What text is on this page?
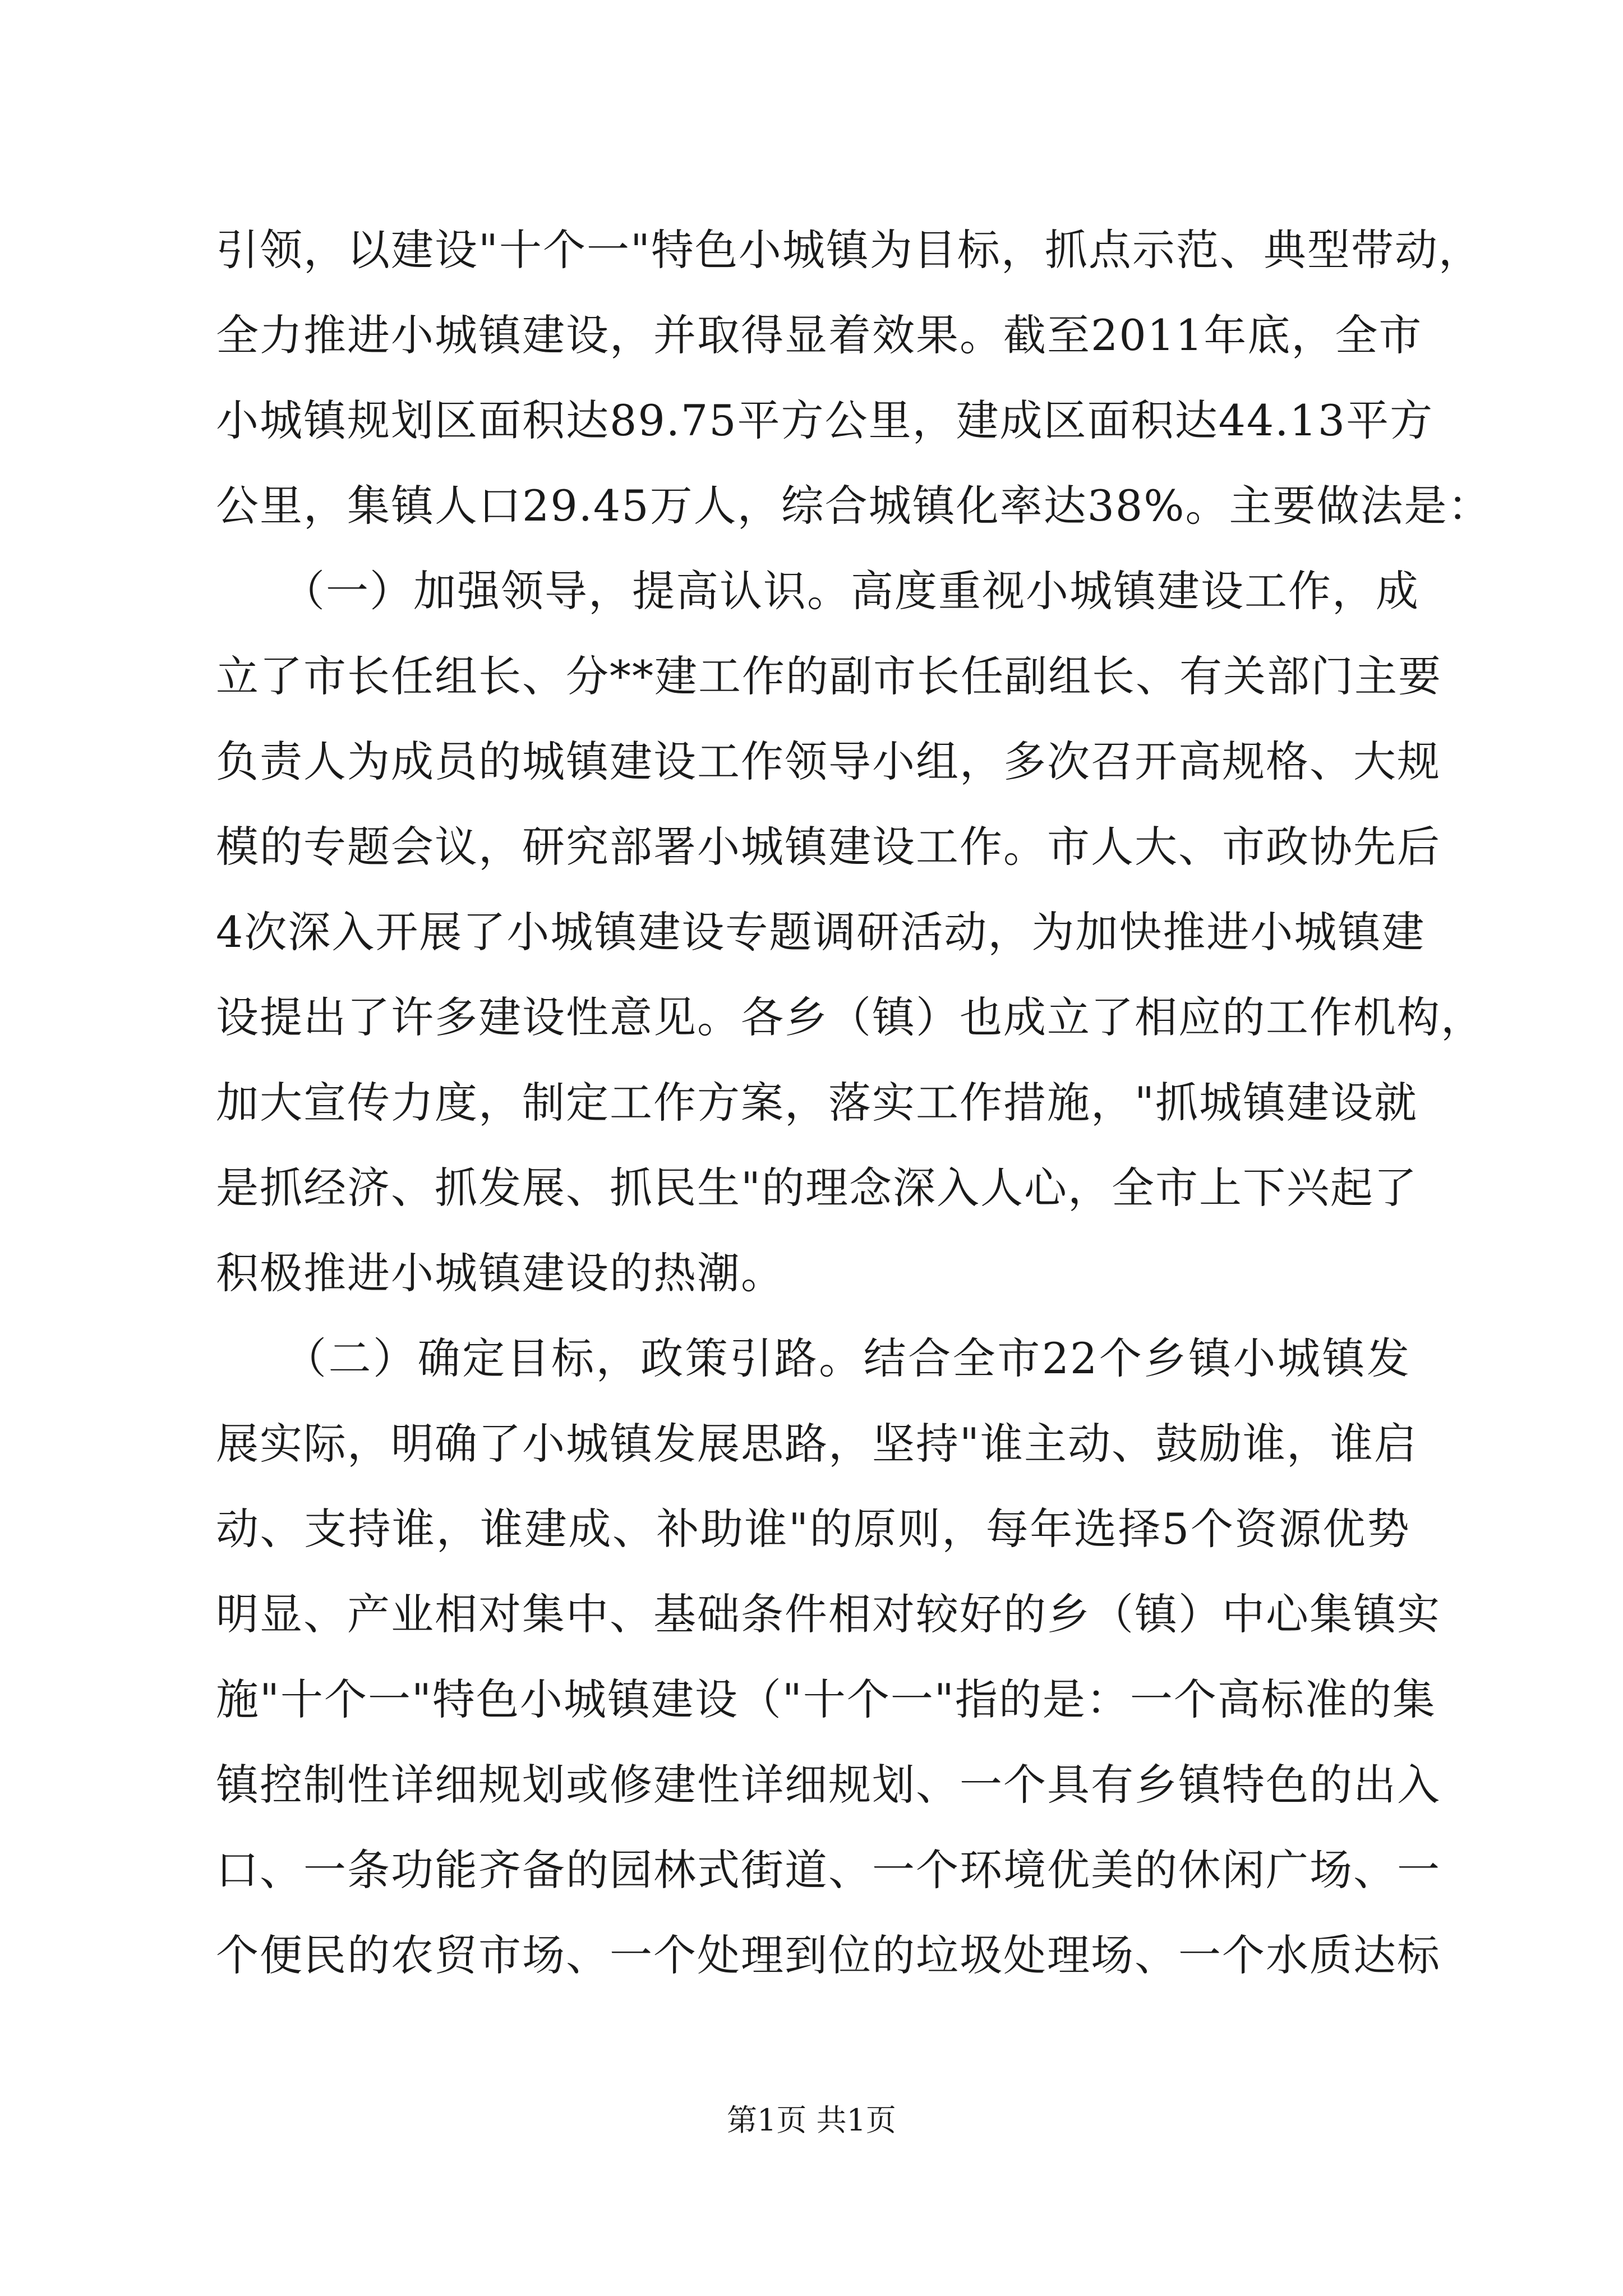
引领，以建设"十个一"特色小城镇为目标，抓点示范、典型带动，
全力推进小城镇建设，并取得显着效果。截至2011年底，全市
小城镇规划区面积达89.75平方公里，建成区面积达44.13平方
公里，集镇人口29.45万人，综合城镇化率达38%。主要做法是：
　　（一）加强领导，提高认识。高度重视小城镇建设工作，成
立了市长任组长、分**建工作的副市长任副组长、有关部门主要
负责人为成员的城镇建设工作领导小组，多次召开高规格、大规
模的专题会议，研究部署小城镇建设工作。市人大、市政协先后
4次深入开展了小城镇建设专题调研活动，为加快推进小城镇建
设提出了许多建设性意见。各乡（镇）也成立了相应的工作机构，
加大宣传力度，制定工作方案，落实工作措施，"抓城镇建设就
是抓经济、抓发展、抓民生"的理念深入人心，全市上下兴起了
积极推进小城镇建设的热潮。
　　（二）确定目标，政策引路。结合全市22个乡镇小城镇发
展实际，明确了小城镇发展思路，坚持"谁主动、鼓励谁，谁启
动、支持谁，谁建成、补助谁"的原则，每年选择5个资源优势
明显、产业相对集中、基础条件相对较好的乡（镇）中心集镇实
施"十个一"特色小城镇建设（"十个一"指的是：一个高标准的集
镇控制性详细规划或修建性详细规划、一个具有乡镇特色的出入
口、一条功能齐备的园林式街道、一个环境优美的休闲广场、一
个便民的农贸市场、一个处理到位的垃圾处理场、一个水质达标
第1页 共1页
